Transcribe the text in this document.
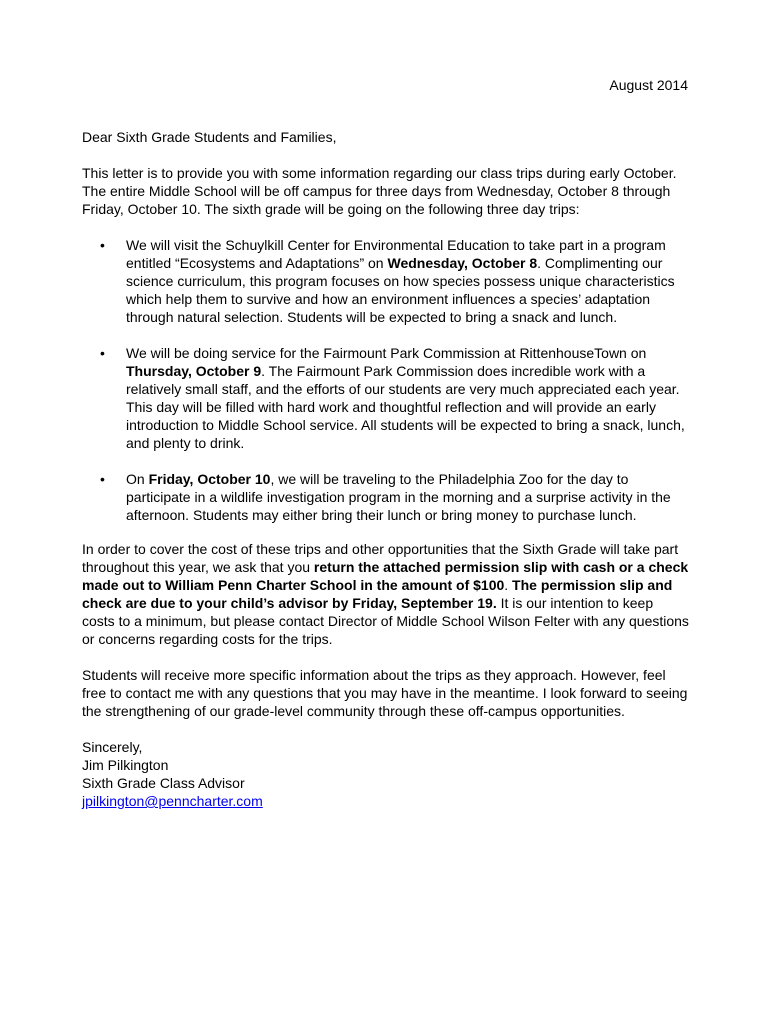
August 2014

Dear Sixth Grade Students and Families,

This letter is to provide you with some information regarding our class trips during early October. The entire Middle School will be off campus for three days from Wednesday, October 8 through Friday, October 10. The sixth grade will be going on the following three day trips:

• We will visit the Schuylkill Center for Environmental Education to take part in a program entitled “Ecosystems and Adaptations” on Wednesday, October 8. Complimenting our science curriculum, this program focuses on how species possess unique characteristics which help them to survive and how an environment influences a species’ adaptation through natural selection. Students will be expected to bring a snack and lunch.
• We will be doing service for the Fairmount Park Commission at RittenhouseTown on Thursday, October 9. The Fairmount Park Commission does incredible work with a relatively small staff, and the efforts of our students are very much appreciated each year. This day will be filled with hard work and thoughtful reflection and will provide an early introduction to Middle School service. All students will be expected to bring a snack, lunch, and plenty to drink.
• On Friday, October 10, we will be traveling to the Philadelphia Zoo for the day to participate in a wildlife investigation program in the morning and a surprise activity in the afternoon. Students may either bring their lunch or bring money to purchase lunch.

In order to cover the cost of these trips and other opportunities that the Sixth Grade will take part throughout this year, we ask that you return the attached permission slip with cash or a check made out to William Penn Charter School in the amount of $100. The permission slip and check are due to your child’s advisor by Friday, September 19. It is our intention to keep costs to a minimum, but please contact Director of Middle School Wilson Felter with any questions or concerns regarding costs for the trips.

Students will receive more specific information about the trips as they approach. However, feel free to contact me with any questions that you may have in the meantime. I look forward to seeing the strengthening of our grade-level community through these off-campus opportunities.

Sincerely,

Jim Pilkington

Sixth Grade Class Advisor

jpilkington@penncharter.com
